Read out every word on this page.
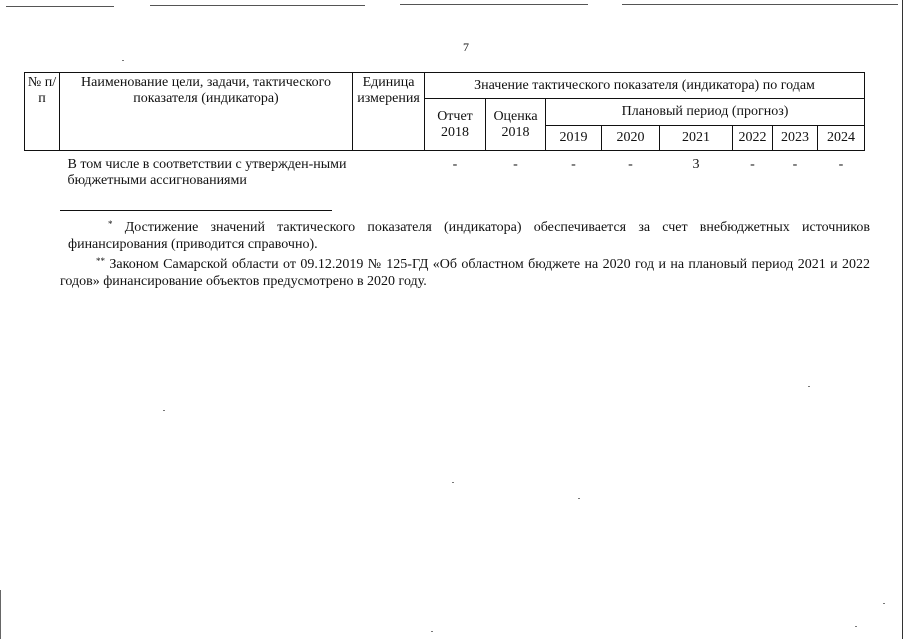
7
№ п/п	Наименование цели, задачи, тактического показателя (индикатора)	Единица измерения	Значение тактического показателя (индикатора) по годам							
			Отчет 2018	Оценка 2018	Плановый период (прогноз)					
					2019	2020	2021	2022	2023	2024
	В том числе в соответствии с утвержден-ными бюджетными ассигнованиями		-	-	-	-	3	-	-	-

* Достижение значений тактического показателя (индикатора) обеспечивается за счет внебюджетных источников финансирования (приводится справочно).

** Законом Самарской области от 09.12.2019 № 125-ГД «Об областном бюджете на 2020 год и на плановый период 2021 и 2022 годов» финансирование объектов предусмотрено в 2020 году.
